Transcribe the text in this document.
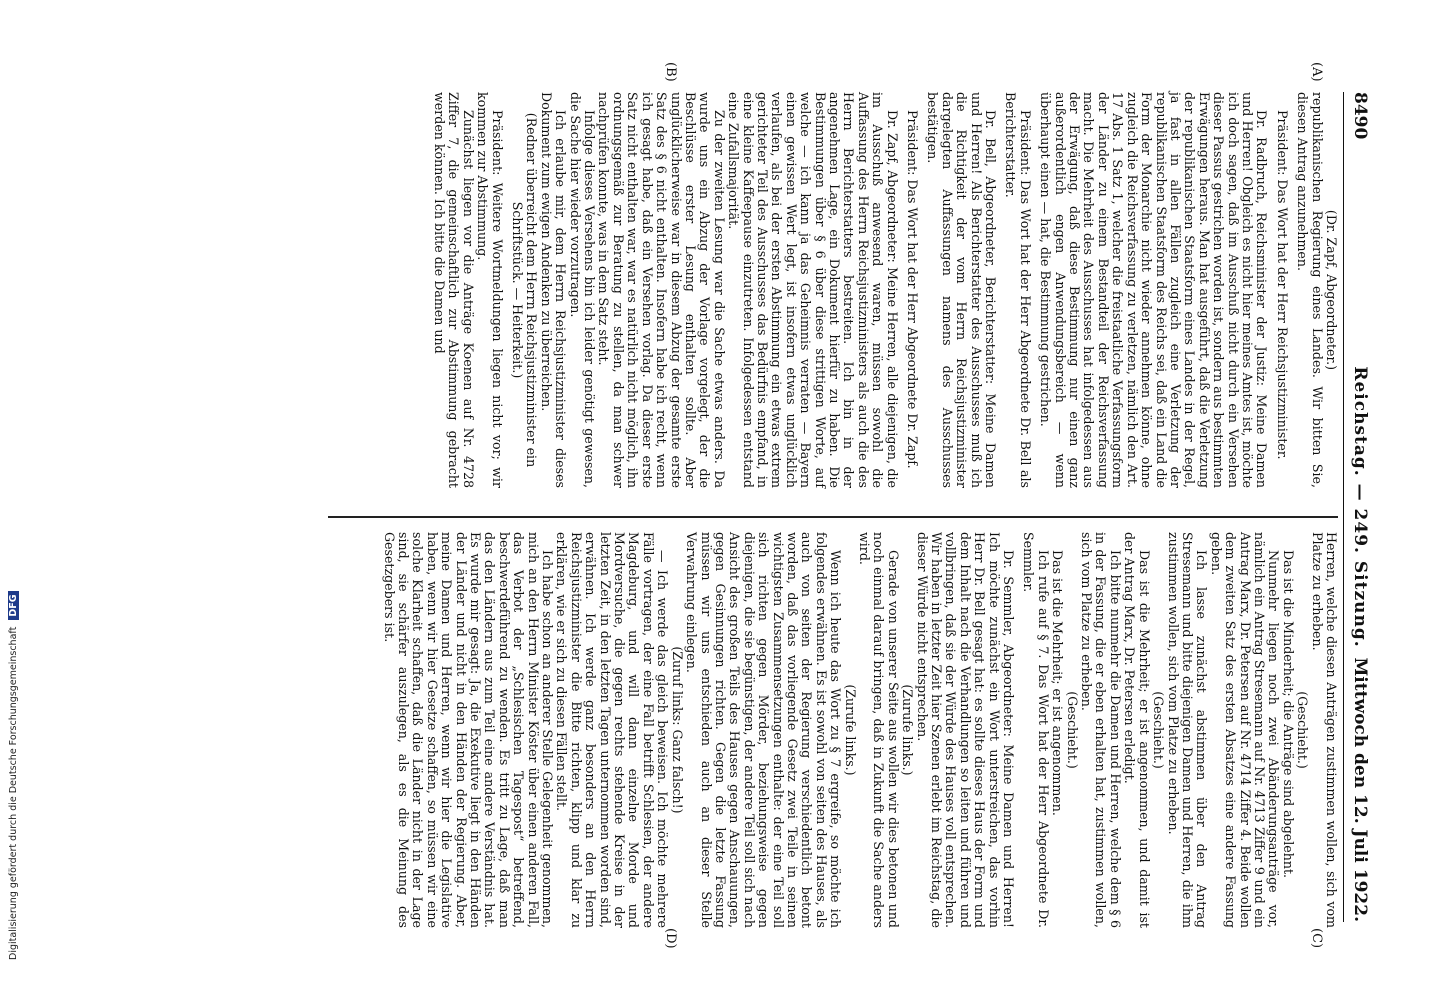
8490
Reichstag. — 249. Sitzung.
Mittwoch den 12. Juli 1922.
(A)
(B)
(C)
(D)

(Dr. Zapf, Abgeordneter.)

republikanischen Regierung eines Landes. Wir bitten Sie, diesen Antrag anzunehmen.

Präsident: Das Wort hat der Herr Reichsjustizminister.

Dr. Radbruch, Reichsminister der Justiz: Meine Damen und Herren! Obgleich es nicht hier meines Amtes ist, möchte ich doch sagen, daß im Ausschuß nicht durch ein Versehen dieser Passus gestrichen worden ist, sondern aus bestimmten Erwägungen heraus. Man hat ausgeführt, daß die Verletzung der republikanischen Staatsform eines Landes in der Regel, ja fast in allen Fällen zugleich eine Verletzung der republikanischen Staatsform des Reichs sei, daß ein Land die Form der Monarchie nicht wieder annehmen könne, ohne zugleich die Reichsverfassung zu verletzen, nämlich den Art. 17 Abs. 1 Satz 1, welcher die freistaatliche Verfassungsform der Länder zu einem Bestandteil der Reichsverfassung macht. Die Mehrheit des Ausschusses hat infolgedessen aus der Erwägung, daß diese Bestimmung nur einen ganz außerordentlich engen Anwendungsbereich — wenn überhaupt einen — hat, die Bestimmung gestrichen.

Präsident: Das Wort hat der Herr Abgeordnete Dr. Bell als Berichterstatter.

Dr. Bell, Abgeordneter, Berichterstatter: Meine Damen und Herren! Als Berichterstatter des Ausschusses muß ich die Richtigkeit der vom Herrn Reichsjustizminister dargelegten Auffassungen namens des Ausschusses bestätigen.

Präsident: Das Wort hat der Herr Abgeordnete Dr. Zapf.

Dr. Zapf, Abgeordneter: Meine Herren, alle diejenigen, die im Ausschuß anwesend waren, müssen sowohl die Auffassung des Herrn Reichsjustizministers als auch die des Herrn Berichterstatters bestreiten. Ich bin in der angenehmen Lage, ein Dokument hierfür zu haben. Die Bestimmungen über § 6 über diese strittigen Worte, auf welche — ich kann ja das Geheimnis verraten — Bayern einen gewissen Wert legt, ist insofern etwas unglücklich verlaufen, als bei der ersten Abstimmung ein etwas extrem gerichteter Teil des Ausschusses das Bedürfnis empfand, in eine kleine Kaffeepause einzutreten. Infolgedessen entstand eine Zufallsmajorität.

Zu der zweiten Lesung war die Sache etwas anders. Da wurde uns ein Abzug der Vorlage vorgelegt, der die Beschlüsse erster Lesung enthalten sollte. Aber unglücklicherweise war in diesem Abzug der gesamte erste Satz des § 6 nicht enthalten. Insofern habe ich recht, wenn ich gesagt habe, daß ein Versehen vorlag. Da dieser erste Satz nicht enthalten war, war es natürlich nicht möglich, ihn ordnungsgemäß zur Beratung zu stellen, da man schwer nachprüfen konnte, was in dem Satz steht.

Infolge dieses Versehens bin ich leider genötigt gewesen, die Sache hier wieder vorzutragen.

Ich erlaube mir, dem Herrn Reichsjustizminister dieses Dokument zum ewigen Andenken zu überreichen.

(Redner überreicht dem Herrn Reichsjustizminister ein Schriftstück. — Heiterkeit.)

Präsident: Weitere Wortmeldungen liegen nicht vor; wir kommen zur Abstimmung.

Zunächst liegen vor die Anträge Koenen auf Nr. 4728 Ziffer 7, die gemeinschaftlich zur Abstimmung gebracht werden können. Ich bitte die Damen und

Herren, welche diesen Anträgen zustimmen wollen, sich vom Platze zu erheben.

(Geschieht.)

Das ist die Minderheit; die Anträge sind abgelehnt.

Nunmehr liegen noch zwei Abänderungsanträge vor, nämlich ein Antrag Stresemann auf Nr. 4713 Ziffer 9 und ein Antrag Marx, Dr. Petersen auf Nr. 4714 Ziffer 4. Beide wollen dem zweiten Satz des ersten Absatzes eine andere Fassung geben.

Ich lasse zunächst abstimmen über den Antrag Stresemann und bitte diejenigen Damen und Herren, die ihm zustimmen wollen, sich vom Platze zu erheben.

(Geschieht.)

Das ist die Mehrheit; er ist angenommen, und damit ist der Antrag Marx, Dr. Petersen erledigt.

Ich bitte nunmehr die Damen und Herren, welche dem § 6 in der Fassung, die er eben erhalten hat, zustimmen wollen, sich vom Platze zu erheben.

(Geschieht.)

Das ist die Mehrheit; er ist angenommen.

Ich rufe auf § 7. Das Wort hat der Herr Abgeordnete Dr. Semmler.

Dr. Semmler, Abgeordneter: Meine Damen und Herren! Ich möchte zunächst ein Wort unterstreichen, das vorhin Herr Dr. Bell gesagt hat: es sollte dieses Haus der Form und dem Inhalt nach die Verhandlungen so leiten und führen und vollbringen, daß sie der Würde des Hauses voll entsprechen. Wir haben in letzter Zeit hier Szenen erlebt im Reichstag, die dieser Würde nicht entsprechen.

(Zurufe links.)

Gerade von unserer Seite aus wollen wir dies betonen und noch einmal darauf bringen, daß in Zukunft die Sache anders wird.

(Zurufe links.)

Wenn ich heute das Wort zu § 7 ergreife, so möchte ich folgendes erwähnen. Es ist sowohl von seiten des Hauses, als auch von seiten der Regierung verschiedentlich betont worden, daß das vorliegende Gesetz zwei Teile in seinen wichtigsten Zusammensetzungen enthalte: der eine Teil soll sich richten gegen Mörder, beziehungsweise gegen diejenigen, die sie begünstigen, der andere Teil soll sich nach Ansicht des großen Teils des Hauses gegen Anschauungen, gegen Gesinnungen richten. Gegen die letzte Fassung müssen wir uns entschieden auch an dieser Stelle Verwahrung einlegen.

(Zuruf links: Ganz falsch!)

— Ich werde das gleich beweisen. Ich möchte mehrere Fälle vortragen, der eine Fall betrifft Schlesien, der andere Magdeburg, und will dann einzelne Morde und Mordversuche, die gegen rechts stehende Kreise in der letzten Zeit, in den letzten Tagen unternommen worden sind, erwähnen. Ich werde ganz besonders an den Herrn Reichsjustizminister die Bitte richten, klipp und klar zu erklären, wie er sich zu diesen Fällen stellt.

Ich habe schon an anderer Stelle Gelegenheit genommen, mich an den Herrn Minister Köster über einen anderen Fall, das Verbot der „Schlesischen Tagespost“ betreffend, beschwerdeführend zu wenden. Es tritt zu Lage, daß man das den Ländern aus zum Teil eine andere Verständnis hat. Es wurde mir gesagt: Ja, die Exekutive liegt in den Händen der Länder und nicht in den Händen der Regierung. Aber, meine Damen und Herren, wenn wir hier die Legislative haben, wenn wir hier Gesetze schaffen, so müssen wir eine solche Klarheit schaffen, daß die Länder nicht in der Lage sind, sie schärfer auszulegen, als es die Meinung des Gesetzgebers ist.

Digitalisierung gefördert durch die Deutsche Forschungsgemeinschaft DFG
